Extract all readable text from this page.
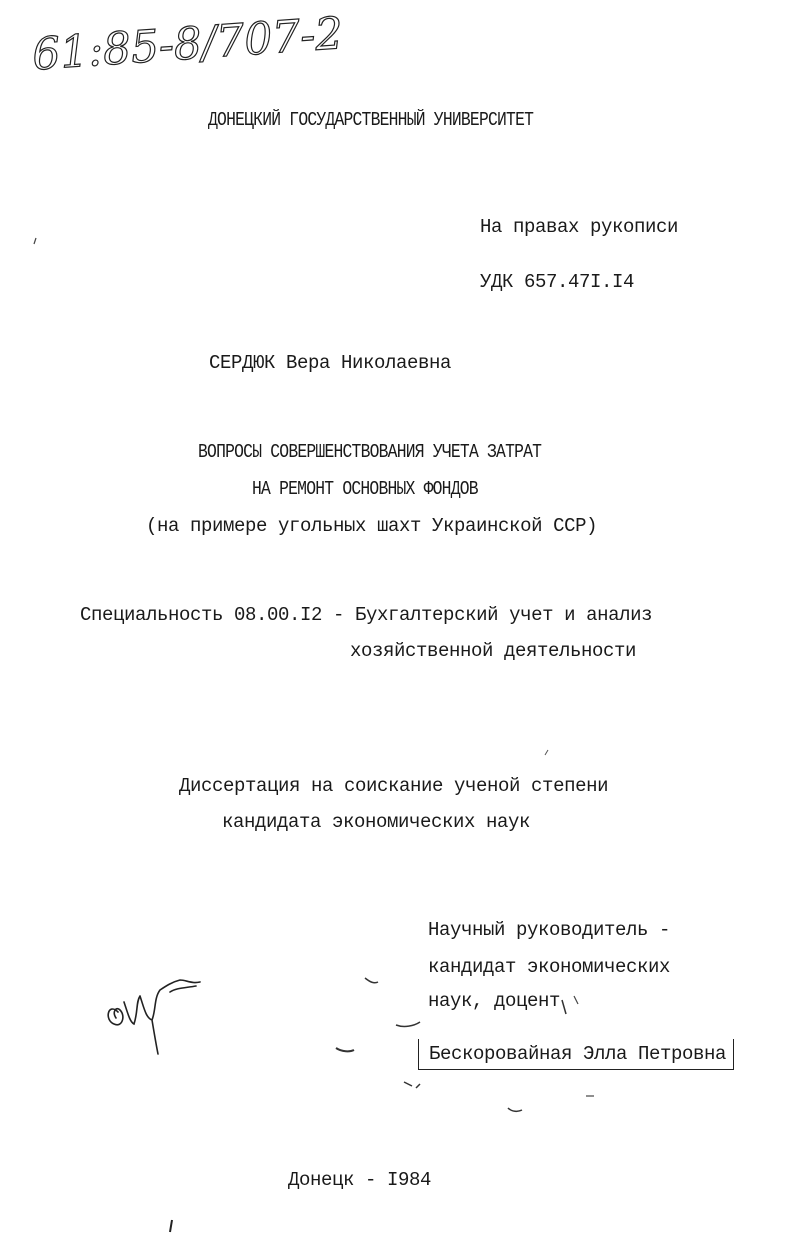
61:85-8/707-2
ДОНЕЦКИЙ ГОСУДАРСТВЕННЫЙ УНИВЕРСИТЕТ
На правах рукописи
УДК 657.47I.I4
СЕРДЮК Вера Николаевна
ВОПРОСЫ СОВЕРШЕНСТВОВАНИЯ УЧЕТА ЗАТРАТ
НА РЕМОНТ ОСНОВНЫХ ФОНДОВ
(на примере угольных шахт Украинской ССР)
Специальность 08.00.I2 - Бухгалтерский учет и анализ
хозяйственной деятельности
Диссертация на соискание ученой степени
кандидата экономических наук
Научный руководитель -
кандидат экономических
наук, доцент
Бескоровайная Элла Петровна
Донецк - I984
